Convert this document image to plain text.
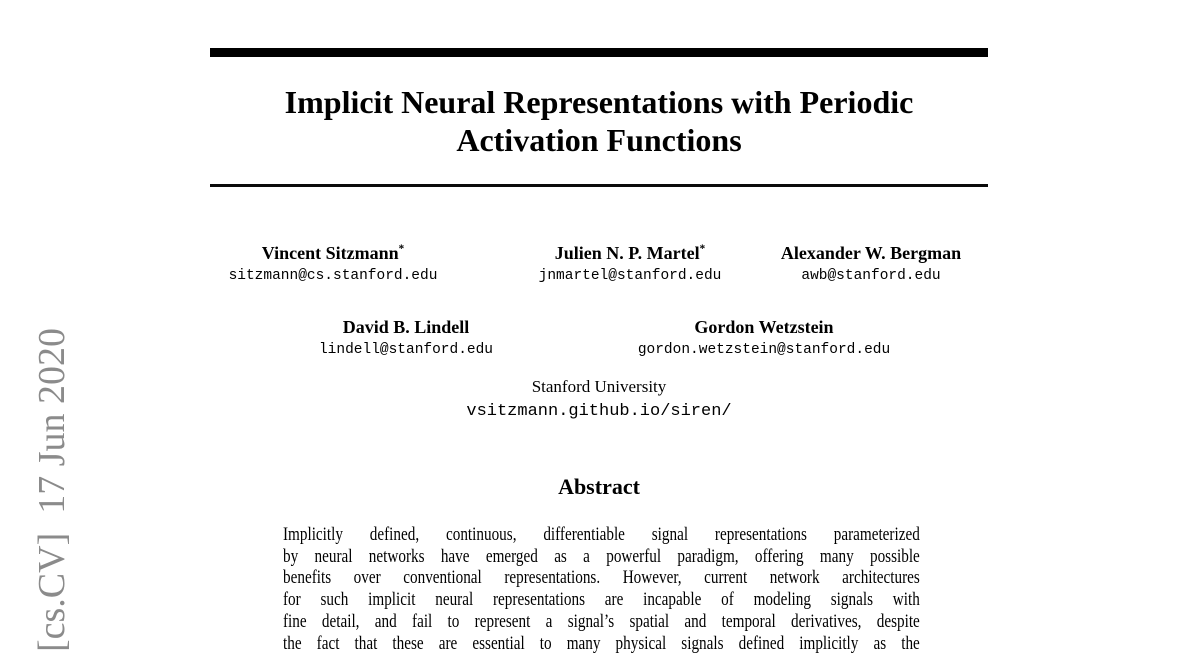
[cs.CV]  17 Jun 2020
Implicit Neural Representations with Periodic
Activation Functions
Vincent Sitzmann*
sitzmann@cs.stanford.edu
Julien N. P. Martel*
jnmartel@stanford.edu
Alexander W. Bergman
awb@stanford.edu
David B. Lindell
lindell@stanford.edu
Gordon Wetzstein
gordon.wetzstein@stanford.edu
Stanford University
vsitzmann.github.io/siren/
Abstract
Implicitly defined, continuous, differentiable signal representations parameterized
by neural networks have emerged as a powerful paradigm, offering many possible
benefits over conventional representations. However, current network architectures
for such implicit neural representations are incapable of modeling signals with
fine detail, and fail to represent a signal’s spatial and temporal derivatives, despite
the fact that these are essential to many physical signals defined implicitly as the
